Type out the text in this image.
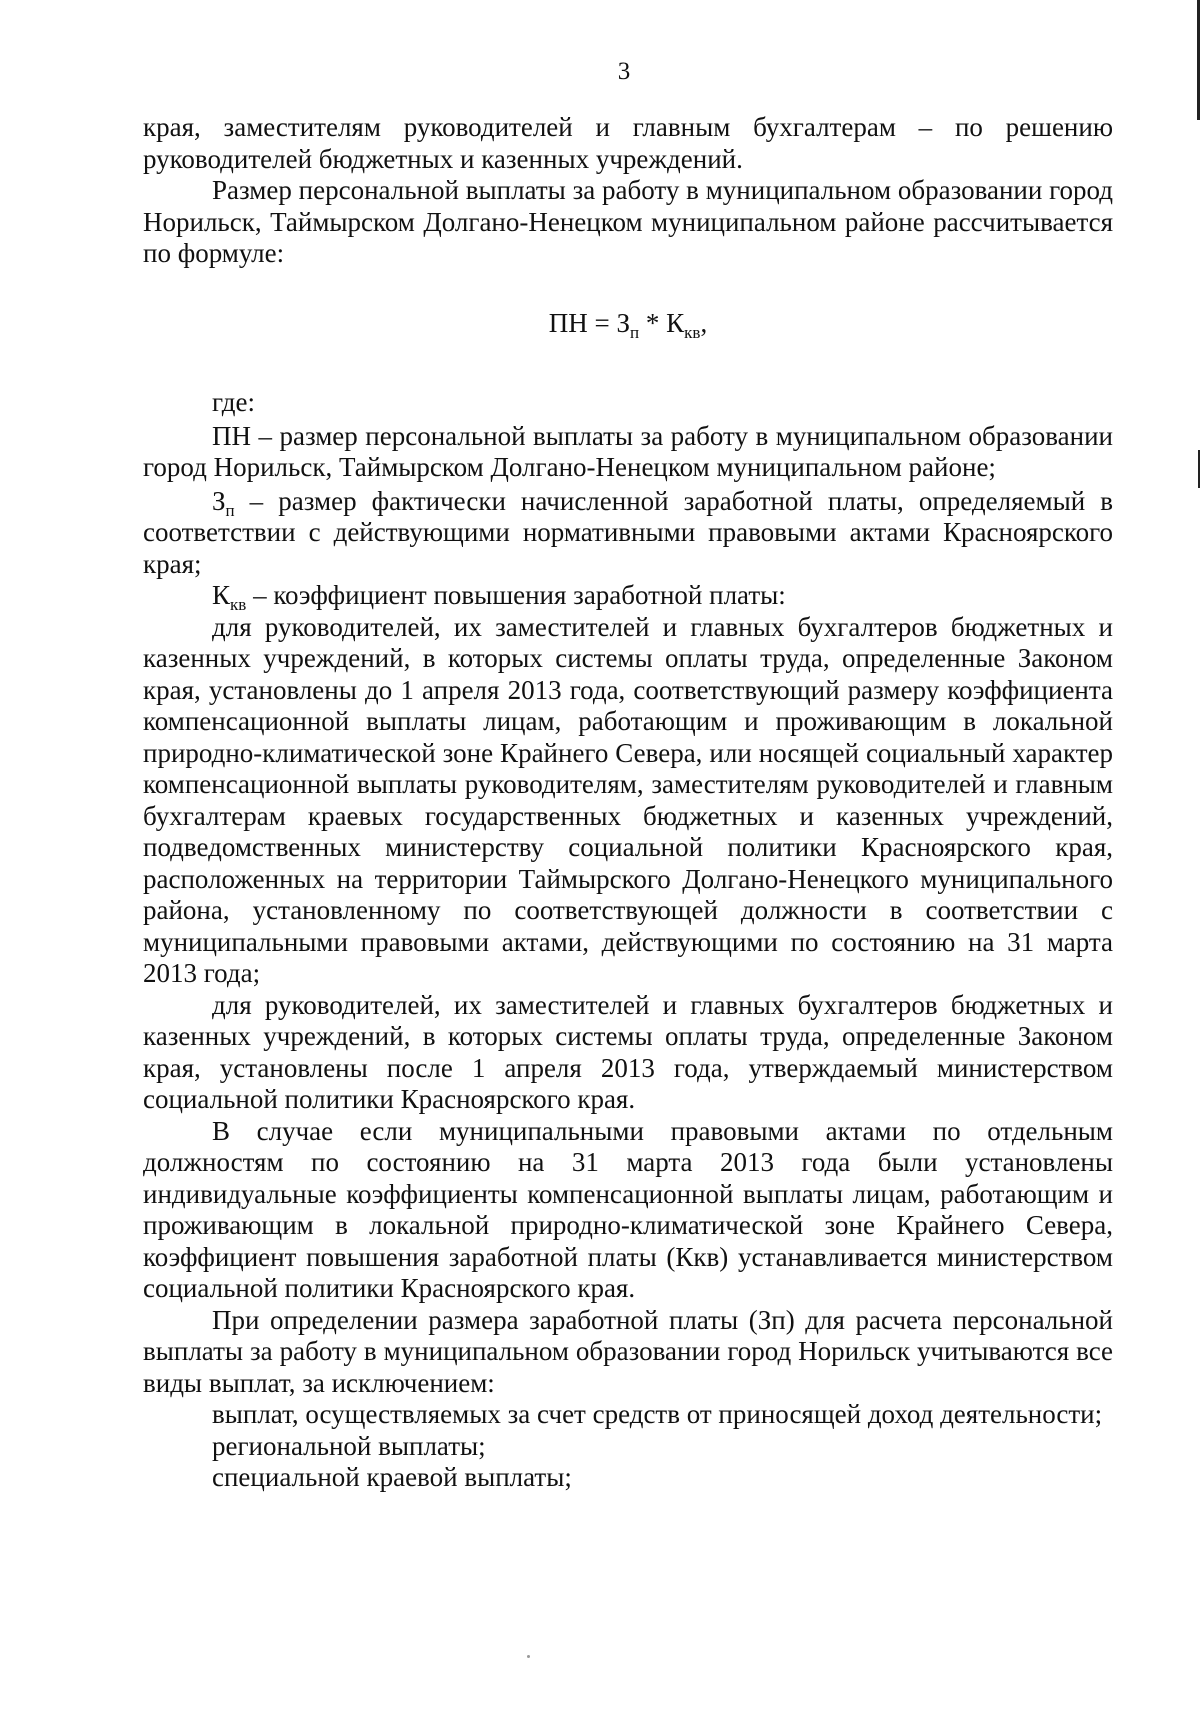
3

края, заместителям руководителей и главным бухгалтерам – по решению руководителей бюджетных и казенных учреждений.

Размер персональной выплаты за работу в муниципальном образовании город Норильск, Таймырском Долгано-Ненецком муниципальном районе рассчитывается по формуле:

ПН = $З_п * К_{кв}$,

где:

ПН – размер персональной выплаты за работу в муниципальном образовании город Норильск, Таймырском Долгано-Ненецком муниципальном районе;

$З_п$ – размер фактически начисленной заработной платы, определяемый в соответствии с действующими нормативными правовыми актами Красноярского края;

$К_{кв}$ – коэффициент повышения заработной платы:

для руководителей, их заместителей и главных бухгалтеров бюджетных и казенных учреждений, в которых системы оплаты труда, определенные Законом края, установлены до 1 апреля 2013 года, соответствующий размеру коэффициента компенсационной выплаты лицам, работающим и проживающим в локальной природно-климатической зоне Крайнего Севера, или носящей социальный характер компенсационной выплаты руководителям, заместителям руководителей и главным бухгалтерам краевых государственных бюджетных и казенных учреждений, подведомственных министерству социальной политики Красноярского края, расположенных на территории Таймырского Долгано-Ненецкого муниципального района, установленному по соответствующей должности в соответствии с муниципальными правовыми актами, действующими по состоянию на 31 марта 2013 года;

для руководителей, их заместителей и главных бухгалтеров бюджетных и казенных учреждений, в которых системы оплаты труда, определенные Законом края, установлены после 1 апреля 2013 года, утверждаемый министерством социальной политики Красноярского края.

В случае если муниципальными правовыми актами по отдельным должностям по состоянию на 31 марта 2013 года были установлены индивидуальные коэффициенты компенсационной выплаты лицам, работающим и проживающим в локальной природно-климатической зоне Крайнего Севера, коэффициент повышения заработной платы (Ккв) устанавливается министерством социальной политики Красноярского края.

При определении размера заработной платы (Зп) для расчета персональной выплаты за работу в муниципальном образовании город Норильск учитываются все виды выплат, за исключением:

выплат, осуществляемых за счет средств от приносящей доход деятельности;

региональной выплаты;

специальной краевой выплаты;
